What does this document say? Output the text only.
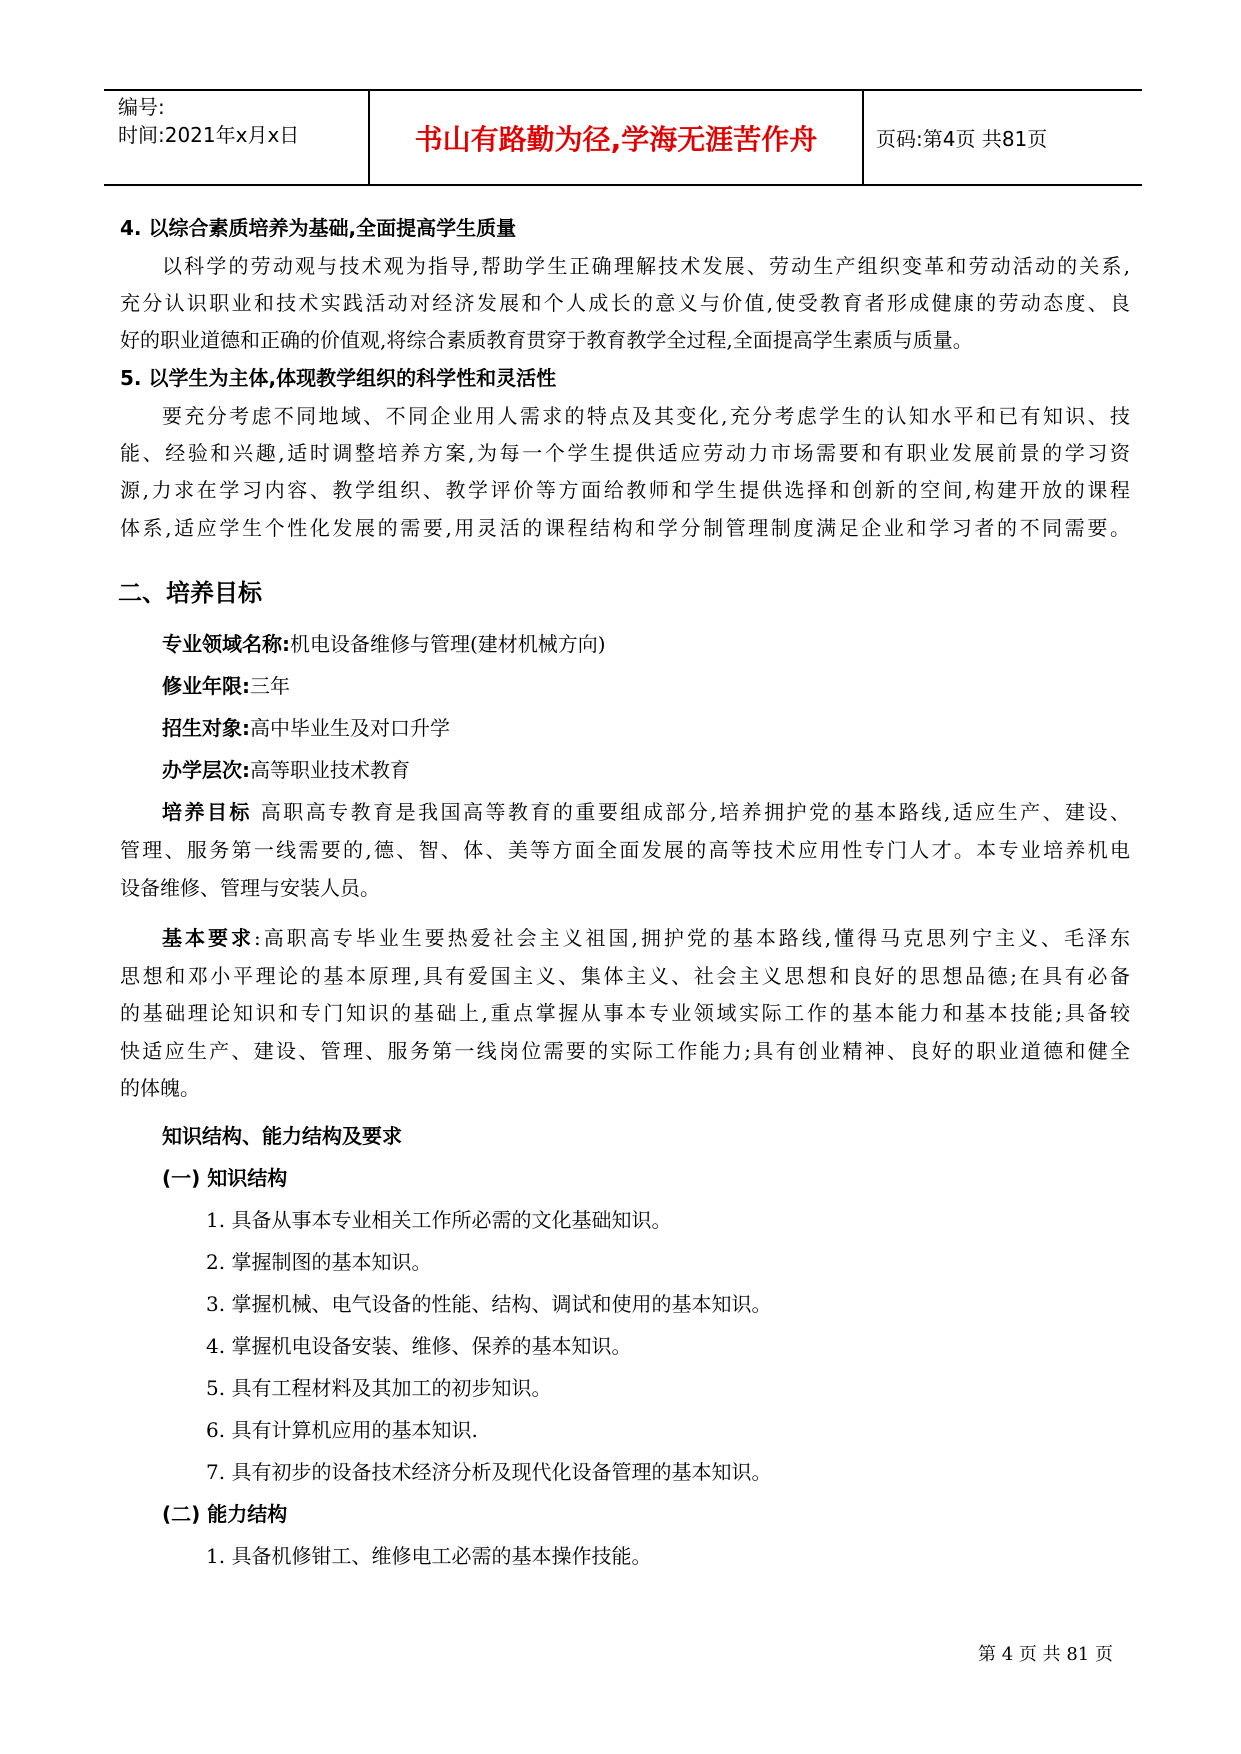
编号:
时间:2021年x月x日	书山有路勤为径,学海无涯苦作舟	页码:第4页 共81页
4. 以综合素质培养为基础,全面提高学生质量
以科学的劳动观与技术观为指导,帮助学生正确理解技术发展、劳动生产组织变革和劳动活动的关系,
充分认识职业和技术实践活动对经济发展和个人成长的意义与价值,使受教育者形成健康的劳动态度、良
好的职业道德和正确的价值观,将综合素质教育贯穿于教育教学全过程,全面提高学生素质与质量。
5. 以学生为主体,体现教学组织的科学性和灵活性
要充分考虑不同地域、不同企业用人需求的特点及其变化,充分考虑学生的认知水平和已有知识、技
能、经验和兴趣,适时调整培养方案,为每一个学生提供适应劳动力市场需要和有职业发展前景的学习资
源,力求在学习内容、教学组织、教学评价等方面给教师和学生提供选择和创新的空间,构建开放的课程
体系,适应学生个性化发展的需要,用灵活的课程结构和学分制管理制度满足企业和学习者的不同需要。
二、培养目标
专业领域名称:机电设备维修与管理(建材机械方向)
修业年限:三年
招生对象:高中毕业生及对口升学
办学层次:高等职业技术教育
培养目标 高职高专教育是我国高等教育的重要组成部分,培养拥护党的基本路线,适应生产、建设、
管理、服务第一线需要的,德、智、体、美等方面全面发展的高等技术应用性专门人才。本专业培养机电
设备维修、管理与安装人员。
基本要求:高职高专毕业生要热爱社会主义祖国,拥护党的基本路线,懂得马克思列宁主义、毛泽东
思想和邓小平理论的基本原理,具有爱国主义、集体主义、社会主义思想和良好的思想品德;在具有必备
的基础理论知识和专门知识的基础上,重点掌握从事本专业领域实际工作的基本能力和基本技能;具备较
快适应生产、建设、管理、服务第一线岗位需要的实际工作能力;具有创业精神、良好的职业道德和健全
的体魄。
知识结构、能力结构及要求
(一) 知识结构
1. 具备从事本专业相关工作所必需的文化基础知识。
2. 掌握制图的基本知识。
3. 掌握机械、电气设备的性能、结构、调试和使用的基本知识。
4. 掌握机电设备安装、维修、保养的基本知识。
5. 具有工程材料及其加工的初步知识。
6. 具有计算机应用的基本知识.
7. 具有初步的设备技术经济分析及现代化设备管理的基本知识。
(二) 能力结构
1. 具备机修钳工、维修电工必需的基本操作技能。
第 4 页 共 81 页
